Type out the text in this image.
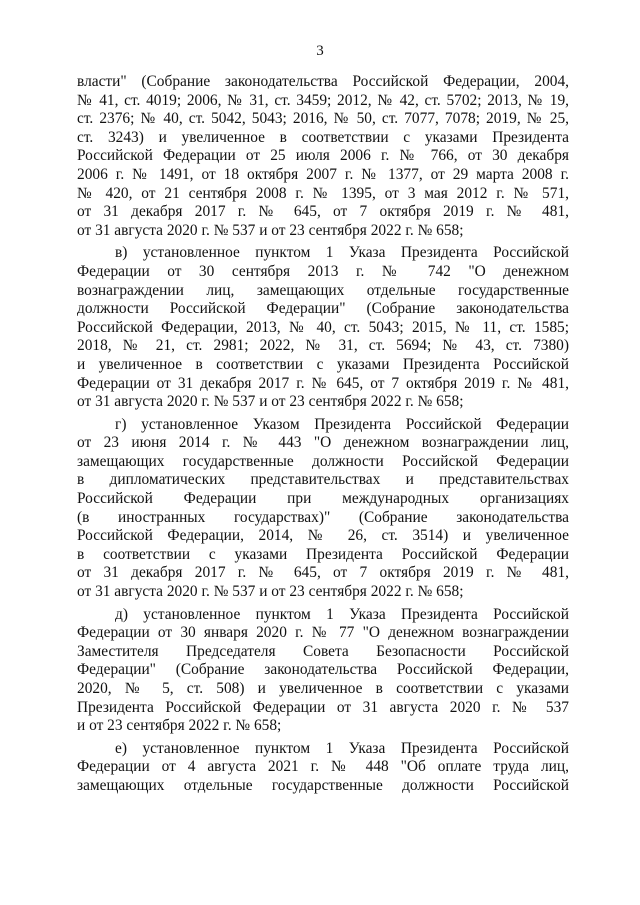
3
власти" (Собрание законодательства Российской Федерации, 2004,
№ 41, ст. 4019; 2006, № 31, ст. 3459; 2012, № 42, ст. 5702; 2013, № 19,
ст. 2376; № 40, ст. 5042, 5043; 2016, № 50, ст. 7077, 7078; 2019, № 25,
ст. 3243) и увеличенное в соответствии с указами Президента
Российской Федерации от 25 июля 2006 г. № 766, от 30 декабря
2006 г. № 1491, от 18 октября 2007 г. № 1377, от 29 марта 2008 г.
№ 420, от 21 сентября 2008 г. № 1395, от 3 мая 2012 г. № 571,
от 31 декабря 2017 г. № 645, от 7 октября 2019 г. № 481,
от 31 августа 2020 г. № 537 и от 23 сентября 2022 г. № 658;
в) установленное пунктом 1 Указа Президента Российской
Федерации от 30 сентября 2013 г. № 742 "О денежном
вознаграждении лиц, замещающих отдельные государственные
должности Российской Федерации" (Собрание законодательства
Российской Федерации, 2013, № 40, ст. 5043; 2015, № 11, ст. 1585;
2018, № 21, ст. 2981; 2022, № 31, ст. 5694; № 43, ст. 7380)
и увеличенное в соответствии с указами Президента Российской
Федерации от 31 декабря 2017 г. № 645, от 7 октября 2019 г. № 481,
от 31 августа 2020 г. № 537 и от 23 сентября 2022 г. № 658;
г) установленное Указом Президента Российской Федерации
от 23 июня 2014 г. № 443 "О денежном вознаграждении лиц,
замещающих государственные должности Российской Федерации
в дипломатических представительствах и представительствах
Российской Федерации при международных организациях
(в иностранных государствах)" (Собрание законодательства
Российской Федерации, 2014, № 26, ст. 3514) и увеличенное
в соответствии с указами Президента Российской Федерации
от 31 декабря 2017 г. № 645, от 7 октября 2019 г. № 481,
от 31 августа 2020 г. № 537 и от 23 сентября 2022 г. № 658;
д) установленное пунктом 1 Указа Президента Российской
Федерации от 30 января 2020 г. № 77 "О денежном вознаграждении
Заместителя Председателя Совета Безопасности Российской
Федерации" (Собрание законодательства Российской Федерации,
2020, № 5, ст. 508) и увеличенное в соответствии с указами
Президента Российской Федерации от 31 августа 2020 г. № 537
и от 23 сентября 2022 г. № 658;
е) установленное пунктом 1 Указа Президента Российской
Федерации от 4 августа 2021 г. № 448 "Об оплате труда лиц,
замещающих отдельные государственные должности Российской
